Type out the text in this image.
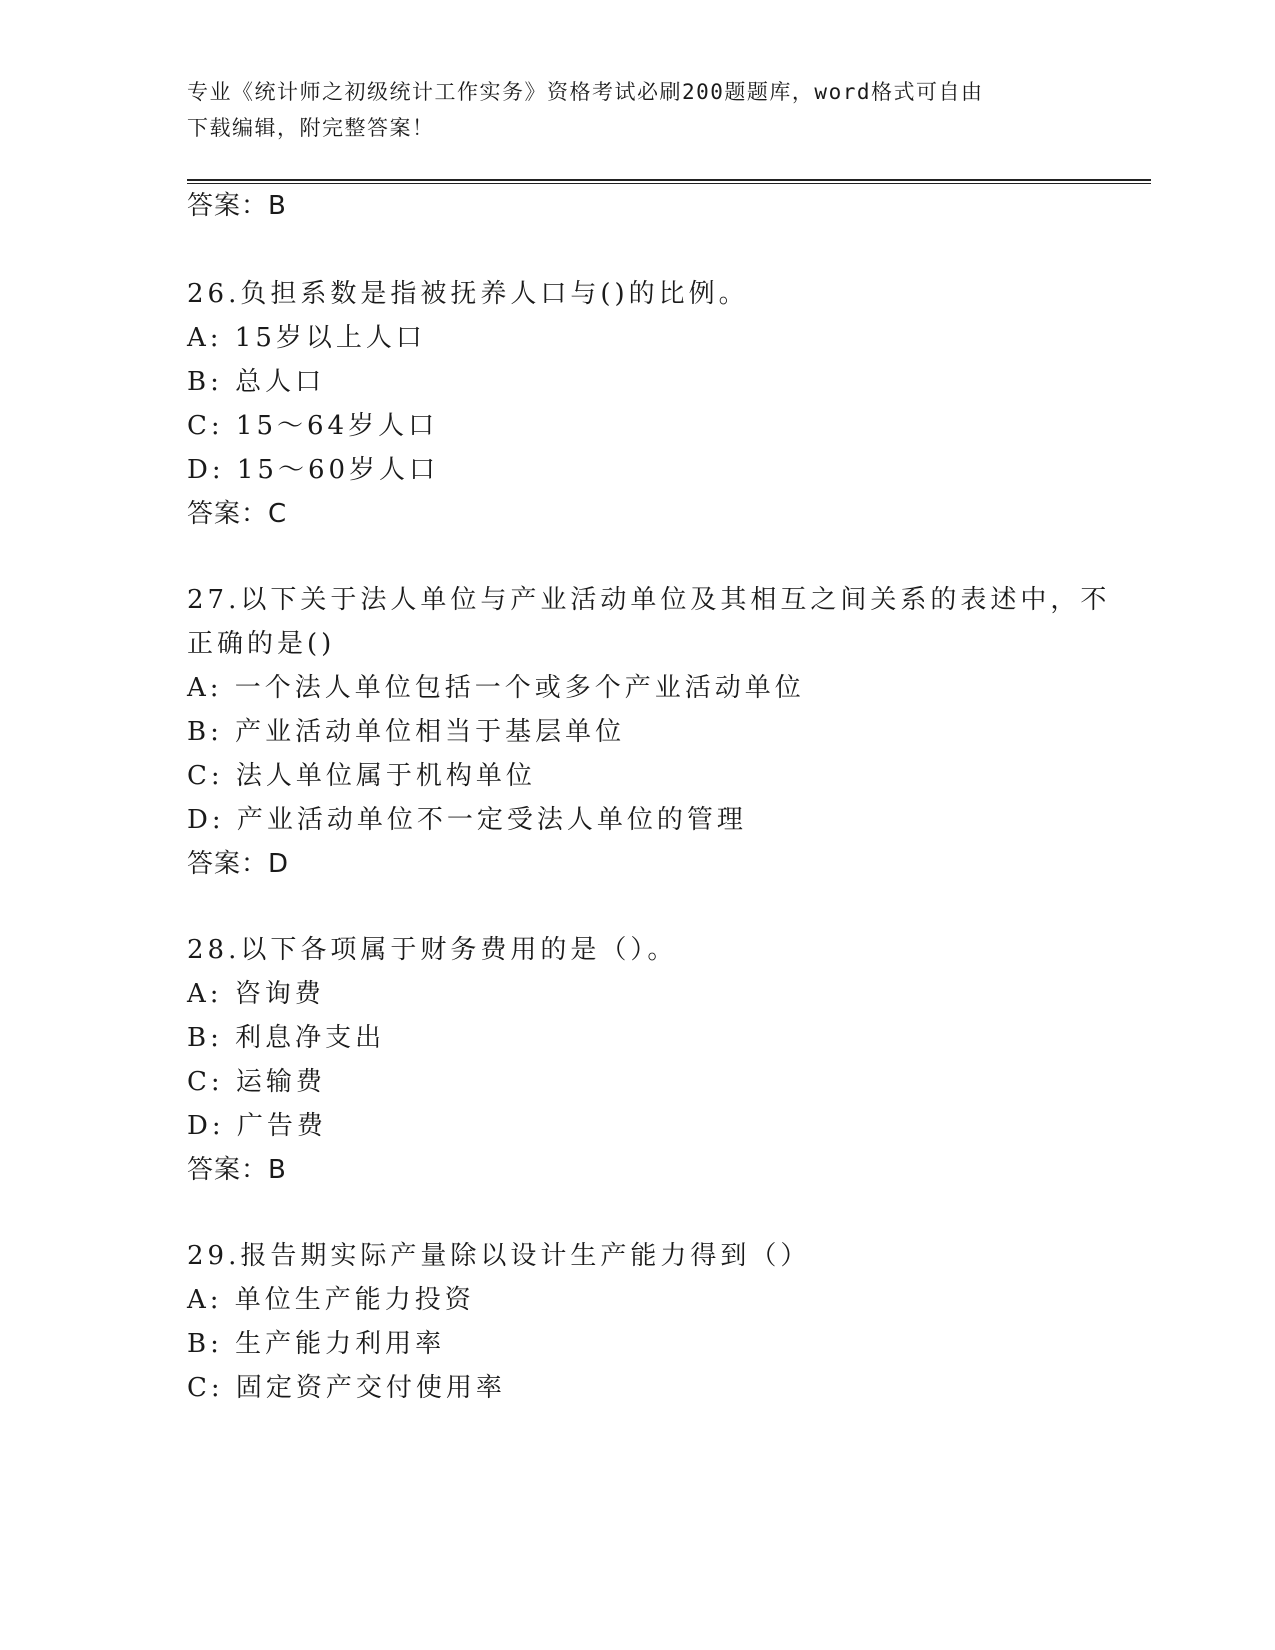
专业《统计师之初级统计工作实务》资格考试必刷200题题库，word格式可自由
下载编辑，附完整答案！
答案：B
26.负担系数是指被抚养人口与()的比例。
A: 15岁以上人口
B: 总人口
C: 15～64岁人口
D: 15～60岁人口
答案：C
27.以下关于法人单位与产业活动单位及其相互之间关系的表述中，不
正确的是()
A: 一个法人单位包括一个或多个产业活动单位
B: 产业活动单位相当于基层单位
C: 法人单位属于机构单位
D: 产业活动单位不一定受法人单位的管理
答案：D
28.以下各项属于财务费用的是（）。
A: 咨询费
B: 利息净支出
C: 运输费
D: 广告费
答案：B
29.报告期实际产量除以设计生产能力得到（）
A: 单位生产能力投资
B: 生产能力利用率
C: 固定资产交付使用率
